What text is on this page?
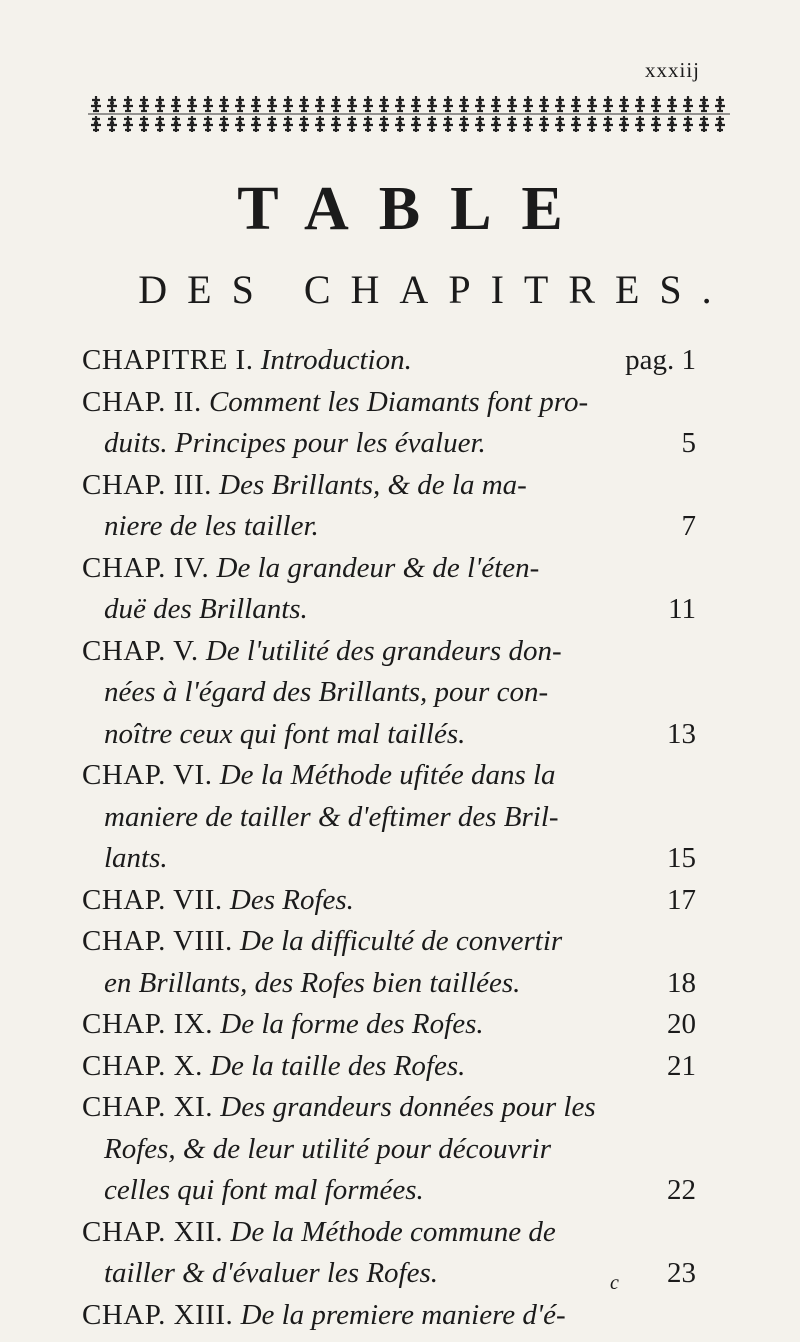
xxxiij
TABLE
DES CHAPITRES.
CHAPITRE I. Introduction.	pag. 1
CHAP. II. Comment les Diamants font pro-
duits. Principes pour les évaluer.	5
CHAP. III. Des Brillants, & de la ma-
niere de les tailler.	7
CHAP. IV. De la grandeur & de l'éten-
duë des Brillants.	11
CHAP. V. De l'utilité des grandeurs don-
nées à l'égard des Brillants, pour con-
noître ceux qui font mal taillés.	13
CHAP. VI. De la Méthode ufitée dans la
maniere de tailler & d'eftimer des Bril-
lants.	15
CHAP. VII. Des Rofes.	17
CHAP. VIII. De la difficulté de convertir
en Brillants, des Rofes bien taillées.	18
CHAP. IX. De la forme des Rofes.	20
CHAP. X. De la taille des Rofes.	21
CHAP. XI. Des grandeurs données pour les
Rofes, & de leur utilité pour découvrir
celles qui font mal formées.	22
CHAP. XII. De la Méthode commune de
tailler & d'évaluer les Rofes.	23
CHAP. XIII. De la premiere maniere d'é-
c
